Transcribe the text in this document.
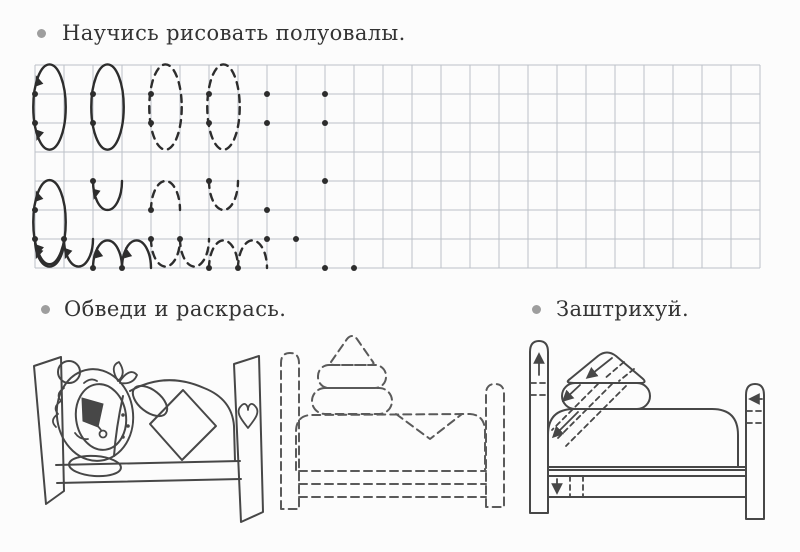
Научись рисовать полуовалы.
Обведи и раскрась.	Заштрихуй.
